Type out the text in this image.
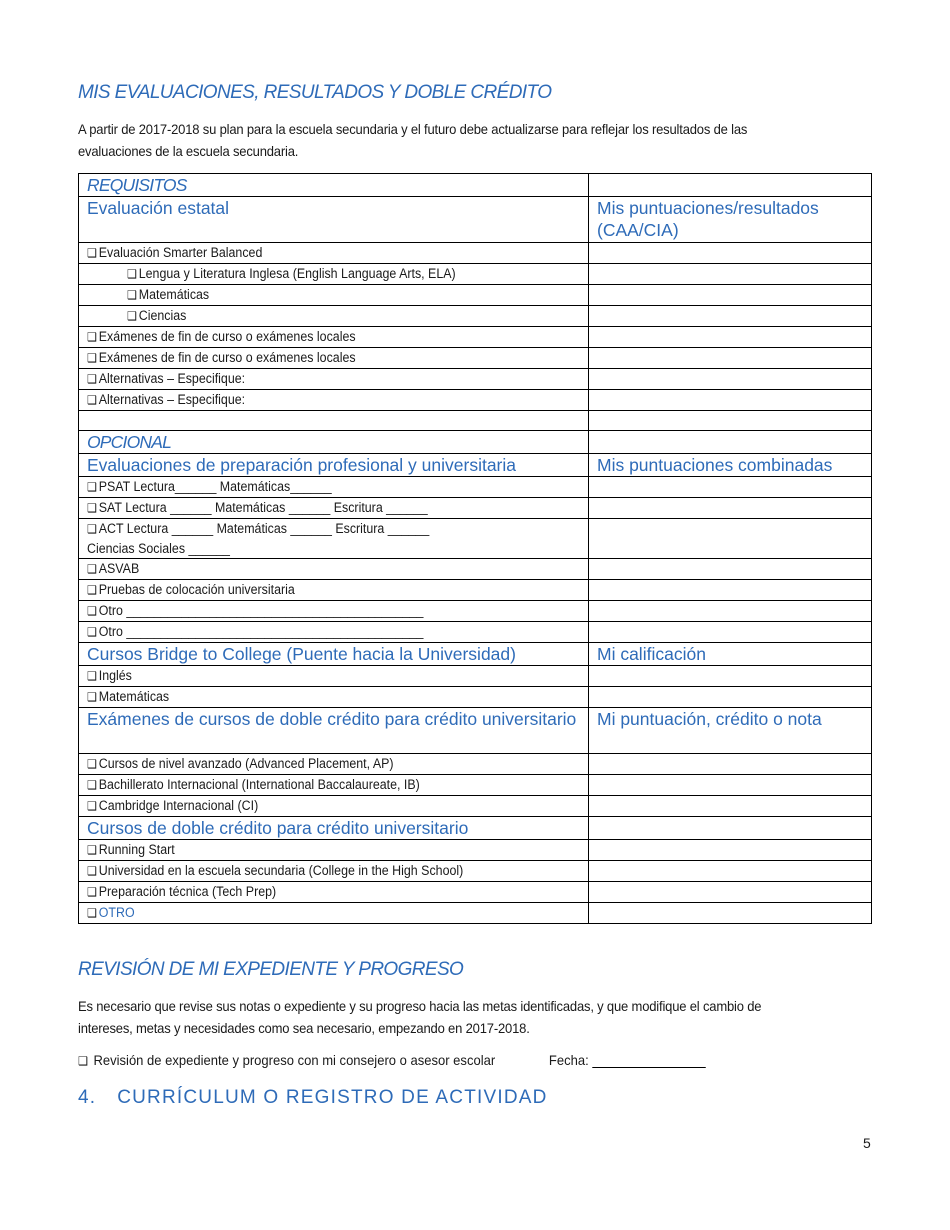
MIS EVALUACIONES, RESULTADOS Y DOBLE CRÉDITO
A partir de 2017-2018 su plan para la escuela secundaria y el futuro debe actualizarse para reflejar los resultados de las
evaluaciones de la escuela secundaria.
REQUISITOS	
Evaluación estatal	Mis puntuaciones/resultados (CAA/CIA)
❑ Evaluación Smarter Balanced	
❑ Lengua y Literatura Inglesa (English Language Arts, ELA)	
❑ Matemáticas	
❑ Ciencias	
❑ Exámenes de fin de curso o exámenes locales	
❑ Exámenes de fin de curso o exámenes locales	
❑ Alternativas – Especifique:	
❑ Alternativas – Especifique:	

OPCIONAL	
Evaluaciones de preparación profesional y universitaria	Mis puntuaciones combinadas
❑ PSAT Lectura______ Matemáticas______	
❑ SAT Lectura ______ Matemáticas ______ Escritura ______	
❑ ACT Lectura ______ Matemáticas ______ Escritura ______
Ciencias Sociales ______	
❑ ASVAB	
❑ Pruebas de colocación universitaria	
❑ Otro ___________________________________________	
❑ Otro ___________________________________________	
Cursos Bridge to College (Puente hacia la Universidad)	Mi calificación
❑ Inglés	
❑ Matemáticas	
Exámenes de cursos de doble crédito para crédito universitario	Mi puntuación, crédito o nota
❑ Cursos de nivel avanzado (Advanced Placement, AP)	
❑ Bachillerato Internacional (International Baccalaureate, IB)	
❑ Cambridge Internacional (CI)	
Cursos de doble crédito para crédito universitario	
❑ Running Start	
❑ Universidad en la escuela secundaria (College in the High School)	
❑ Preparación técnica (Tech Prep)	
❑ OTRO	
REVISIÓN DE MI EXPEDIENTE Y PROGRESO
Es necesario que revise sus notas o expediente y su progreso hacia las metas identificadas, y que modifique el cambio de
intereses, metas y necesidades como sea necesario, empezando en 2017-2018.
❑ Revisión de expediente y progreso con mi consejero o asesor escolar	Fecha:
4. CURRÍCULUM O REGISTRO DE ACTIVIDAD
5
